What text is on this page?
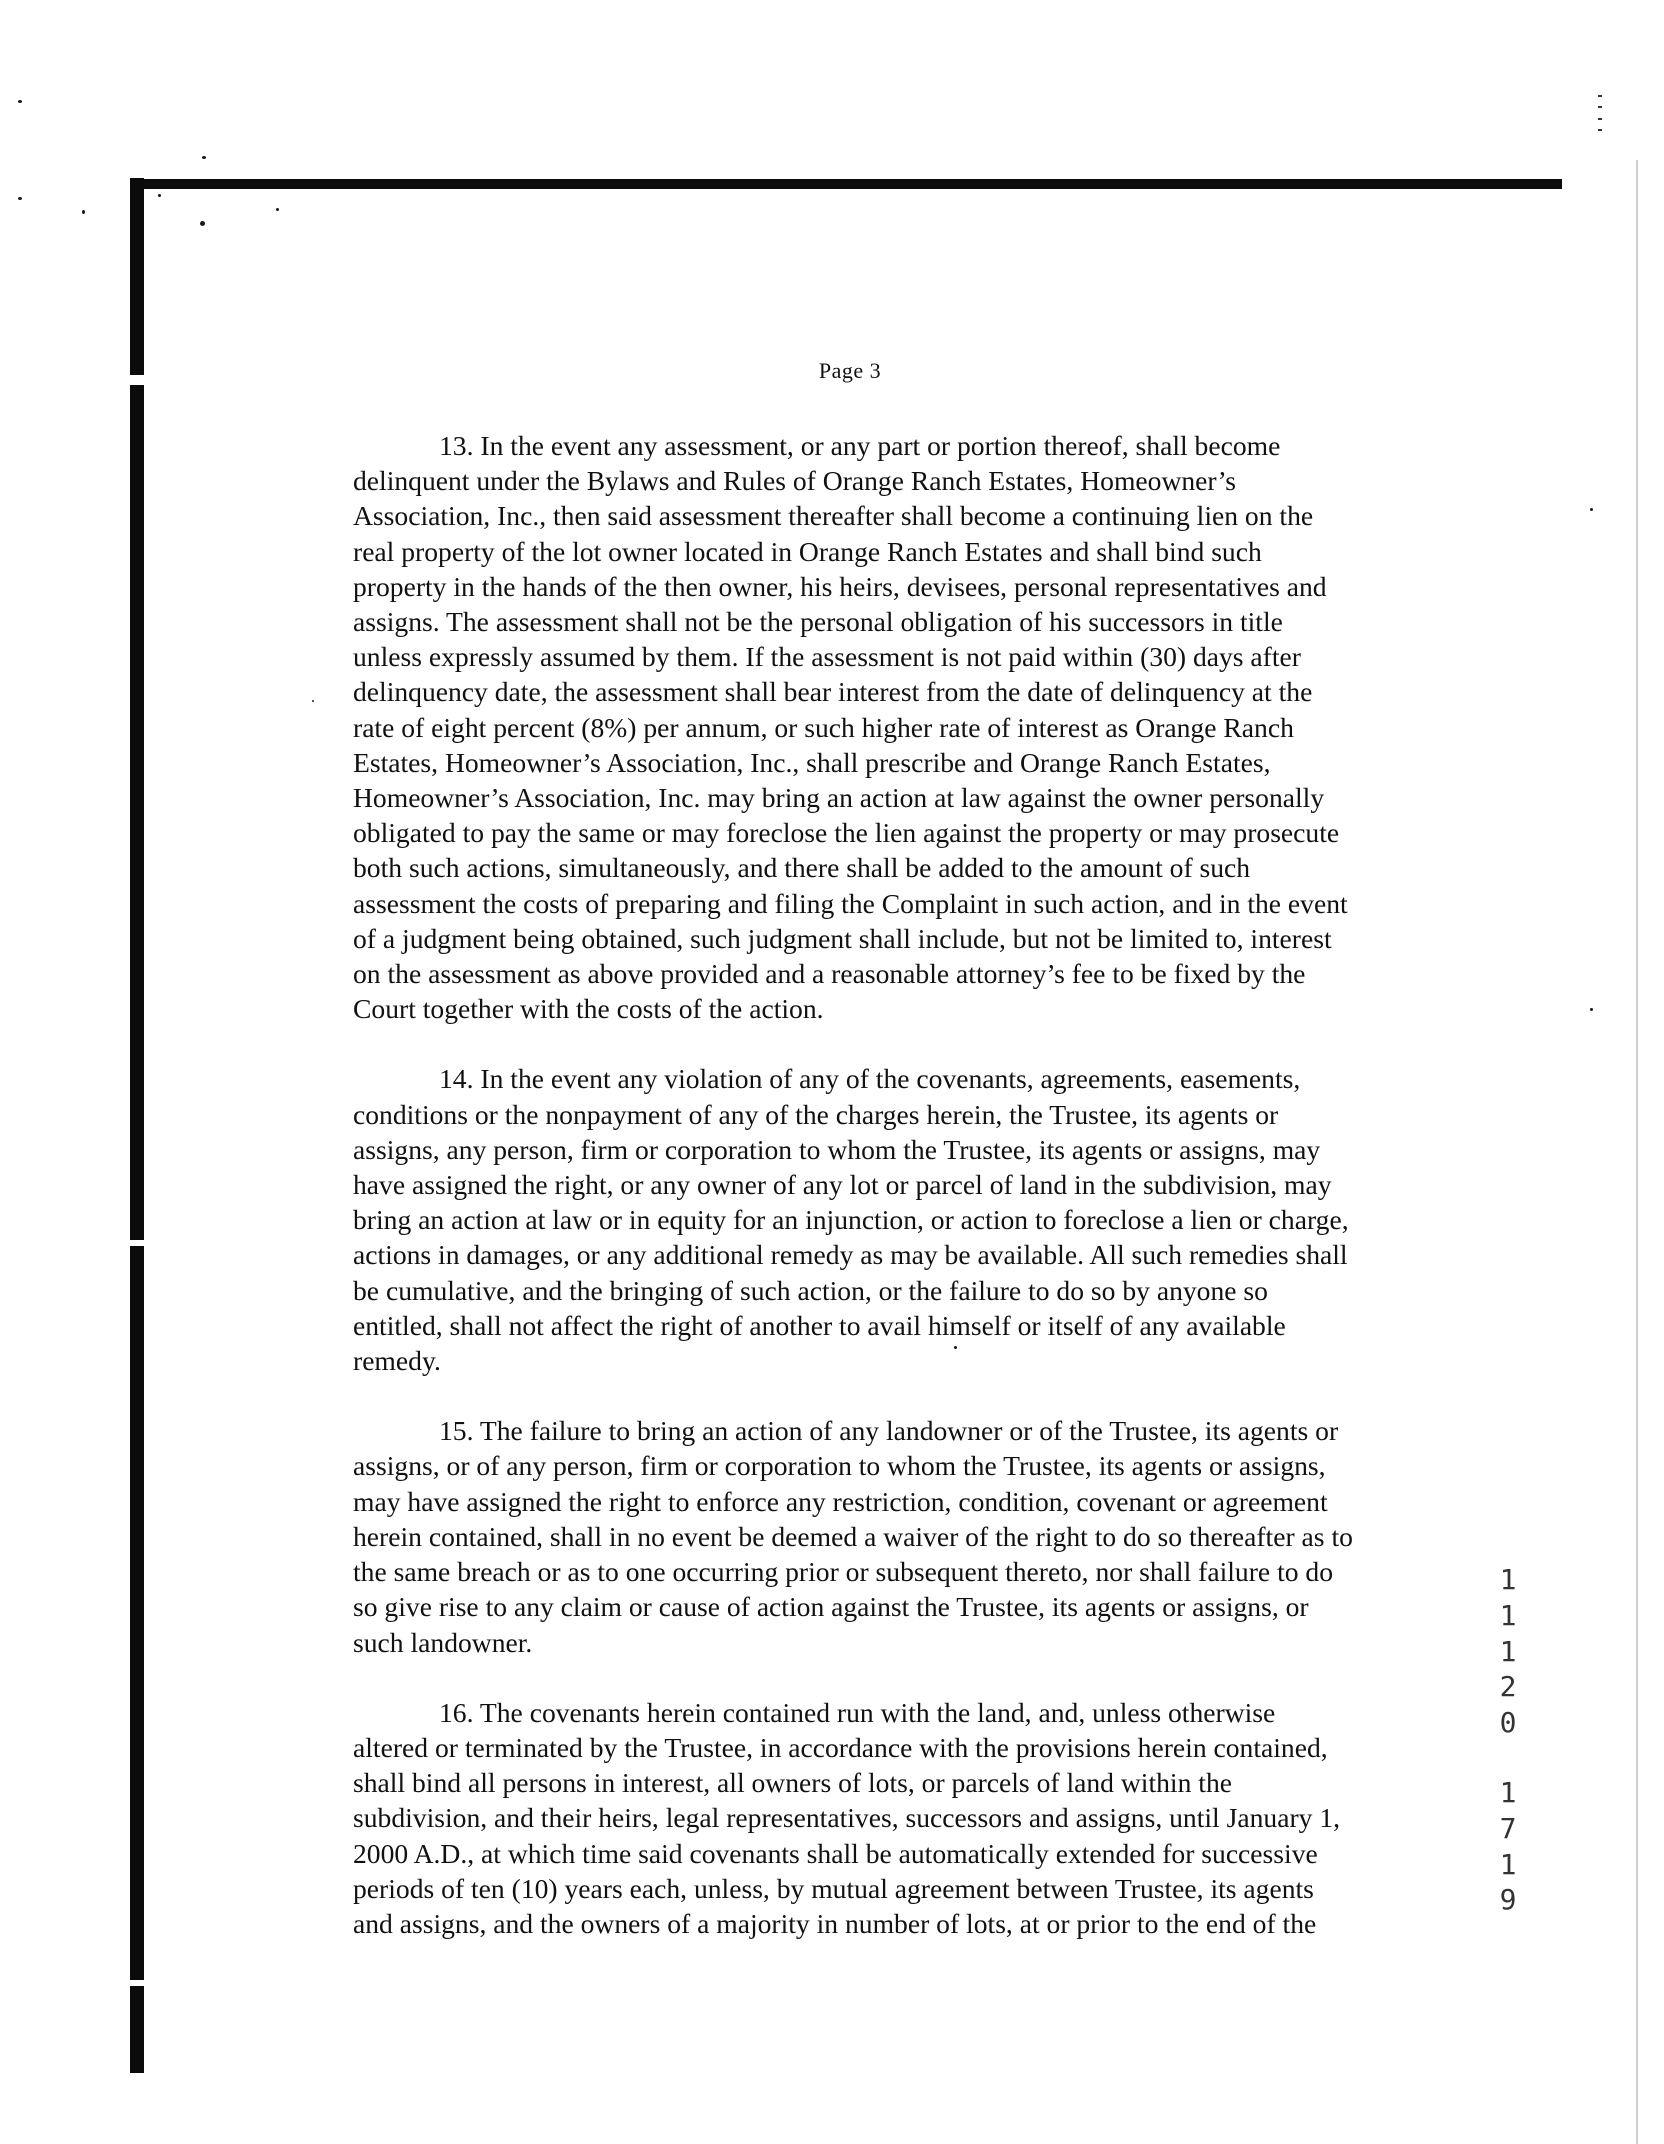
Page 3

13. In the event any assessment, or any part or portion thereof, shall become delinquent under the Bylaws and Rules of Orange Ranch Estates, Homeowner’s Association, Inc., then said assessment thereafter shall become a continuing lien on the real property of the lot owner located in Orange Ranch Estates and shall bind such property in the hands of the then owner, his heirs, devisees, personal representatives and assigns. The assessment shall not be the personal obligation of his successors in title unless expressly assumed by them. If the assessment is not paid within (30) days after delinquency date, the assessment shall bear interest from the date of delinquency at the rate of eight percent (8%) per annum, or such higher rate of interest as Orange Ranch Estates, Homeowner’s Association, Inc., shall prescribe and Orange Ranch Estates, Homeowner’s Association, Inc. may bring an action at law against the owner personally obligated to pay the same or may foreclose the lien against the property or may prosecute both such actions, simultaneously, and there shall be added to the amount of such assessment the costs of preparing and filing the Complaint in such action, and in the event of a judgment being obtained, such judgment shall include, but not be limited to, interest on the assessment as above provided and a reasonable attorney’s fee to be fixed by the Court together with the costs of the action.

14. In the event any violation of any of the covenants, agreements, easements, conditions or the nonpayment of any of the charges herein, the Trustee, its agents or assigns, any person, firm or corporation to whom the Trustee, its agents or assigns, may have assigned the right, or any owner of any lot or parcel of land in the subdivision, may bring an action at law or in equity for an injunction, or action to foreclose a lien or charge, actions in damages, or any additional remedy as may be available. All such remedies shall be cumulative, and the bringing of such action, or the failure to do so by anyone so entitled, shall not affect the right of another to avail himself or itself of any available remedy.

15. The failure to bring an action of any landowner or of the Trustee, its agents or assigns, or of any person, firm or corporation to whom the Trustee, its agents or assigns, may have assigned the right to enforce any restriction, condition, covenant or agreement herein contained, shall in no event be deemed a waiver of the right to do so thereafter as to the same breach or as to one occurring prior or subsequent thereto, nor shall failure to do so give rise to any claim or cause of action against the Trustee, its agents or assigns, or such landowner.

16. The covenants herein contained run with the land, and, unless otherwise altered or terminated by the Trustee, in accordance with the provisions herein contained, shall bind all persons in interest, all owners of lots, or parcels of land within the subdivision, and their heirs, legal representatives, successors and assigns, until January 1, 2000 A.D., at which time said covenants shall be automatically extended for successive periods of ten (10) years each, unless, by mutual agreement between Trustee, its agents and assigns, and the owners of a majority in number of lots, at or prior to the end of the

1
1
1
2
0
1
7
1
9
